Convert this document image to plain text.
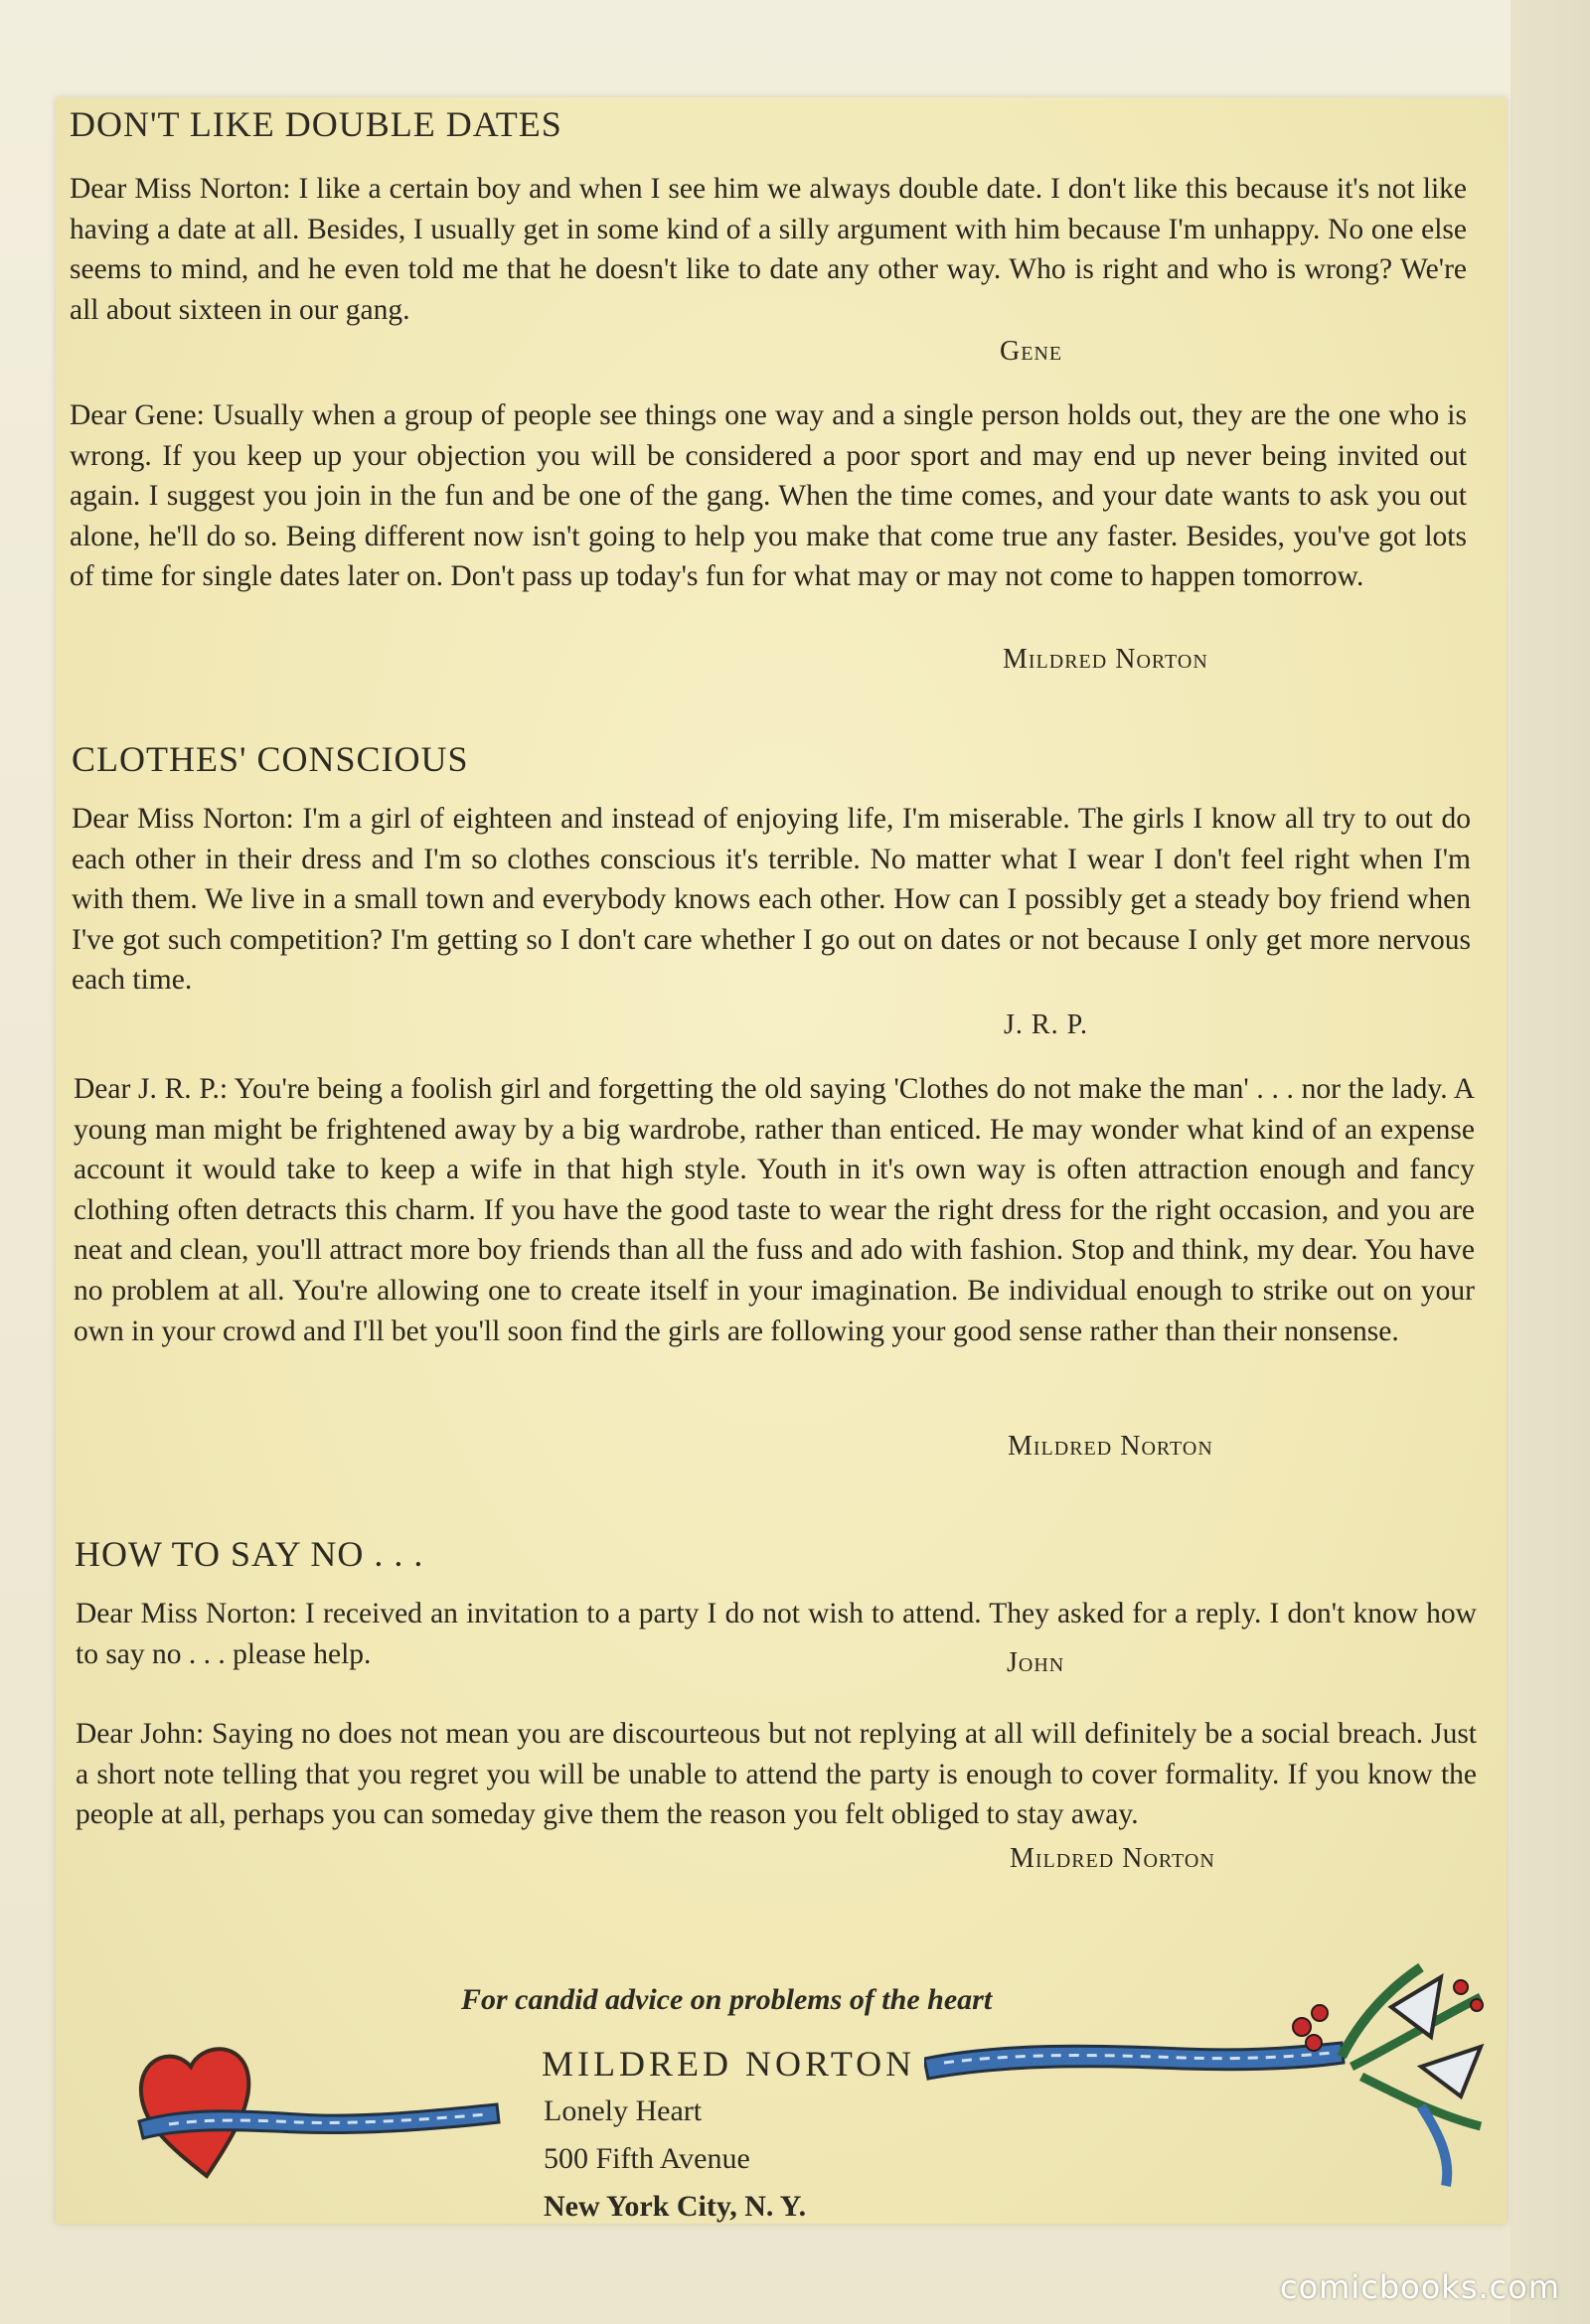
DON'T LIKE DOUBLE DATES

Dear Miss Norton: I like a certain boy and when I see him we always double date. I don't like this because it's not like having a date at all. Besides, I usually get in some kind of a silly argument with him because I'm unhappy. No one else seems to mind, and he even told me that he doesn't like to date any other way. Who is right and who is wrong? We're all about sixteen in our gang.

Gene

Dear Gene: Usually when a group of people see things one way and a single person holds out, they are the one who is wrong. If you keep up your objection you will be considered a poor sport and may end up never being invited out again. I suggest you join in the fun and be one of the gang. When the time comes, and your date wants to ask you out alone, he'll do so. Being different now isn't going to help you make that come true any faster. Besides, you've got lots of time for single dates later on. Don't pass up today's fun for what may or may not come to happen tomorrow.

Mildred Norton
CLOTHES' CONSCIOUS

Dear Miss Norton: I'm a girl of eighteen and instead of enjoying life, I'm miserable. The girls I know all try to out do each other in their dress and I'm so clothes conscious it's terrible. No matter what I wear I don't feel right when I'm with them. We live in a small town and everybody knows each other. How can I possibly get a steady boy friend when I've got such competition? I'm getting so I don't care whether I go out on dates or not because I only get more nervous each time.

J. R. P.

Dear J. R. P.: You're being a foolish girl and forgetting the old saying 'Clothes do not make the man' . . . nor the lady. A young man might be frightened away by a big wardrobe, rather than enticed. He may wonder what kind of an expense account it would take to keep a wife in that high style. Youth in it's own way is often attraction enough and fancy clothing often detracts this charm. If you have the good taste to wear the right dress for the right occasion, and you are neat and clean, you'll attract more boy friends than all the fuss and ado with fashion. Stop and think, my dear. You have no problem at all. You're allowing one to create itself in your imagination. Be individual enough to strike out on your own in your crowd and I'll bet you'll soon find the girls are following your good sense rather than their nonsense.

Mildred Norton
HOW TO SAY NO . . .

Dear Miss Norton: I received an invitation to a party I do not wish to attend. They asked for a reply. I don't know how to say no . . . please help.	John

Dear John: Saying no does not mean you are discourteous but not replying at all will definitely be a social breach. Just a short note telling that you regret you will be unable to attend the party is enough to cover formality. If you know the people at all, perhaps you can someday give them the reason you felt obliged to stay away.

Mildred Norton
For candid advice on problems of the heart
MILDRED NORTON
Lonely Heart
500 Fifth Avenue
New York City, N. Y.
comicbooks.com
